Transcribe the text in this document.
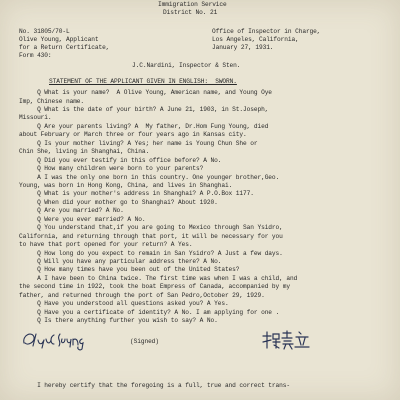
Immigration Service
District No. 21
No. 31805/70-L	Office of Inspector in Charge,
Olive Young, Applicant	Los Angeles, California,
for a Return Certificate,	January 27, 1931.
Form 430:
J.C.Nardini, Inspector & Sten.
STATEMENT OF THE APPLICANT GIVEN IN ENGLISH:  SWORN.
Q What is your name?  A Olive Young, American name, and Young Oye
Imp, Chinese name.
Q What is the date of your birth? A June 21, 1903, in St.Joseph,
Missouri.
Q Are your parents living? A  My father, Dr.Hom Fung Young, died
about February or March three or four years ago in Kansas city.
Q Is your mother living? A Yes; her name is Young Chun She or
Chin She, living in Shanghai, China.
Q Did you ever testify in this office before? A No.
Q How many children were born to your parents?
A I was the only one born in this country. One younger brother,Geo.
Young, was born in Hong Kong, China, and lives in Shanghai.
Q What is your mother's address in Shanghai? A P.O.Box 1177.
Q When did your mother go to Shanghai? About 1920.
Q Are you married? A No.
Q Were you ever married? A No.
Q You understand that,if you are going to Mexico through San Ysidro,
California, and returning through that port, it will be necessary for you
to have that port opened for your return? A Yes.
Q How long do you expect to remain in San Ysidro? A Just a few days.
Q Will you have any particular address there? A No.
Q How many times have you been out of the United States?
A I have been to China twice. The first time was when I was a child, and
the second time in 1922, took the boat Empress of Canada, accompanied by my
father, and returned through the port of San Pedro,October 29, 1929.
Q Have you understood all questions asked you? A Yes.
Q Have you a certificate of identity? A No. I am applying for one .
Q Is there anything further you wish to say? A No.
(Signed)
I hereby certify that the foregoing is a full, true and correct trans-
